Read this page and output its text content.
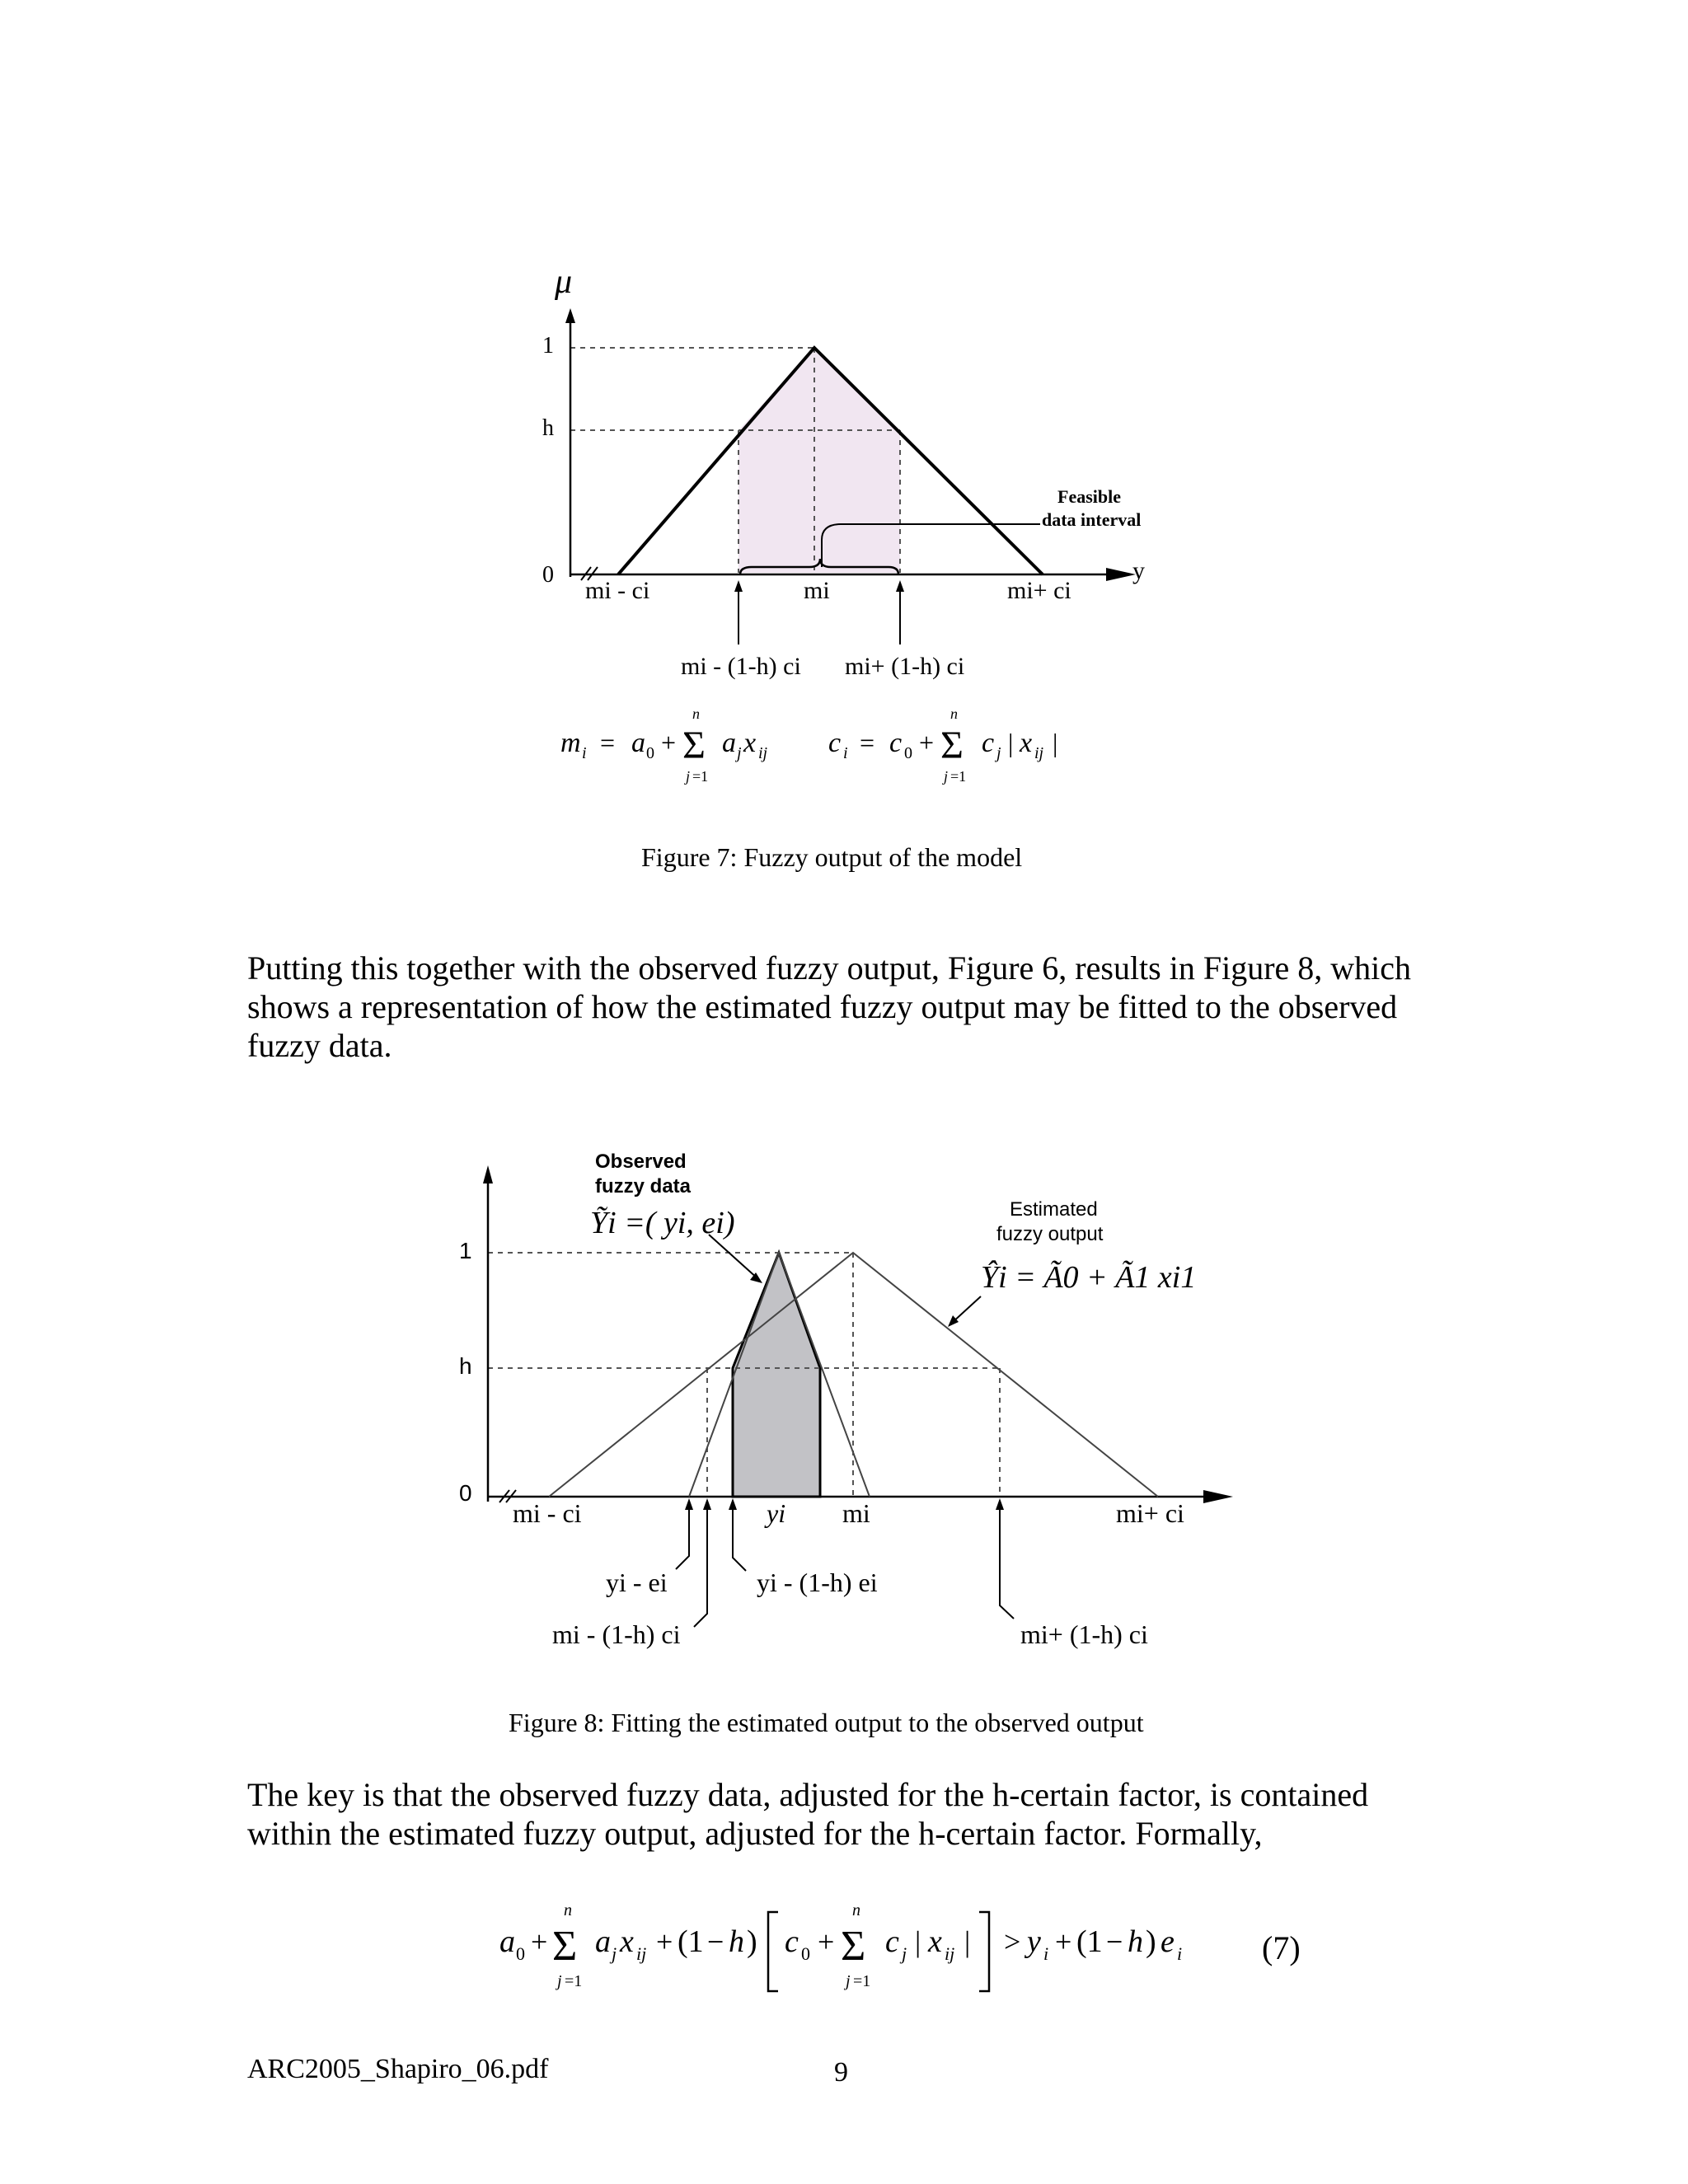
μ
1
h
0	y
mi - ci	mi	mi+ ci
mi - (1-h) ci mi+ (1-h) ci
Feasible
data interval
m i = a 0 + Σ
n
j =1
a j x ij c i = c 0 + Σ
n
j =1
c j | x ij |
Figure 7: Fuzzy output of the model

Putting this together with the observed fuzzy output, Figure 6, results in Figure 8, which shows a representation of how the estimated fuzzy output may be fitted to the observed fuzzy data.

1
h
0
Observed
fuzzy data
Ỹi =( yi, ei)	Estimated
fuzzy output
Ŷi = Ã0 + Ã1 xi1
mi - ci	yi mi	mi+ ci
yi - ei	yi - (1-h) ei
mi - (1-h) ci	mi+ (1-h) ci
Figure 8: Fitting the estimated output to the observed output

The key is that the observed fuzzy data, adjusted for the h-certain factor, is contained within the estimated fuzzy output, adjusted for the h-certain factor. Formally,

a 0 + Σ
n
j =1
a j x ij + (1 − h ) c 0 + Σ
n
j =1
c j | x ij | > y i + (1 − h ) e i (7)
ARC2005_Shapiro_06.pdf	9
